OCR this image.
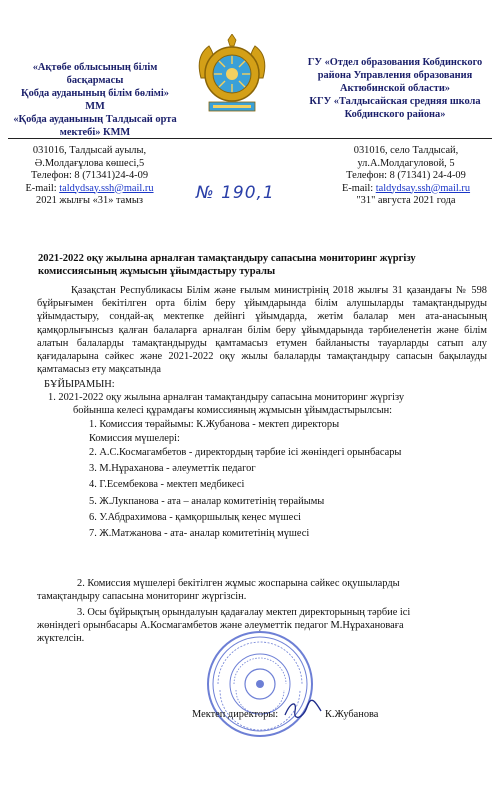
«Ақтөбе облысының білім
басқармасы
Қобда ауданының білім бөлімі» ММ
«Қобда ауданының Талдысай орта
мектебі» КММ
ГУ «Отдел образования Кобдинского
района Управления образования
Актюбинской области»
КГУ «Талдысайская средняя школа
Кобдинского района»
031016, Талдысай ауылы,
Ә.Молдағұлова көшесі,5
Телефон: 8 (71341)24-4-09
E-mail: taldydsay.ssh@mail.ru
2021 жылғы «31» тамыз	№ 190,1
031016, село Талдысай,
ул.А.Молдагуловой, 5
Телефон: 8 (71341) 24-4-09
E-mail: taldydsay.ssh@mail.ru
"31" августа 2021 года
2021-2022 оқу жылына арналған тамақтандыру сапасына мониторинг жүргізу
комиссиясының жұмысын ұйымдастыру туралы
Қазақстан Республикасы Білім және ғылым министрінің 2018 жылғы 31 қазандағы № 598 бұйрығымен бекітілген орта білім беру ұйымдарында білім алушыларды тамақтандыруды ұйымдастыру, сондай-ақ мектепке дейінгі ұйымдарда, жетім балалар мен ата-анасының қамқорлығынсыз қалған балаларға арналған білім беру ұйымдарында тәрбиеленетін және білім алатын балаларды тамақтандыруды қамтамасыз етумен байланысты тауарларды сатып алу қағидаларына сәйкес және 2021-2022 оқу жылы балаларды тамақтандыру сапасын бақылауды қамтамасыз ету мақсатында
БҰЙЫРАМЫН:
1. 2021-2022 оқу жылына арналған тамақтандыру сапасына мониторинг жүргізу
бойынша келесі құрамдағы комиссияның жұмысын ұйымдастырылсын:
1. Комиссия төрайымы: К.Жубанова - мектеп директоры
Комиссия мүшелері:
2. А.С.Космагамбетов - директордың тәрбие ісі жөніндегі орынбасары
3. М.Нұраханова - әлеуметтік педагог
4. Г.Есембекова - мектеп медбикесі
5. Ж.Лукпанова - ата – аналар комитетінің төрайымы
6. У.Абдрахимова - қамқоршылық кеңес мүшесі
7. Ж.Матжанова - ата- аналар комитетінің мүшесі
2. Комиссия мүшелері бекітілген жұмыс жоспарына сәйкес оқушыларды
тамақтандыру сапасына мониторинг жүргізсін.
3. Осы бұйрықтың орындалуын қадағалау мектеп директорының тәрбие ісі
жөніндегі орынбасары А.Космагамбетов және әлеуметтік педагог М.Нұрахановаға
жүктелсін.
Мектеп директоры:	К.Жубанова
